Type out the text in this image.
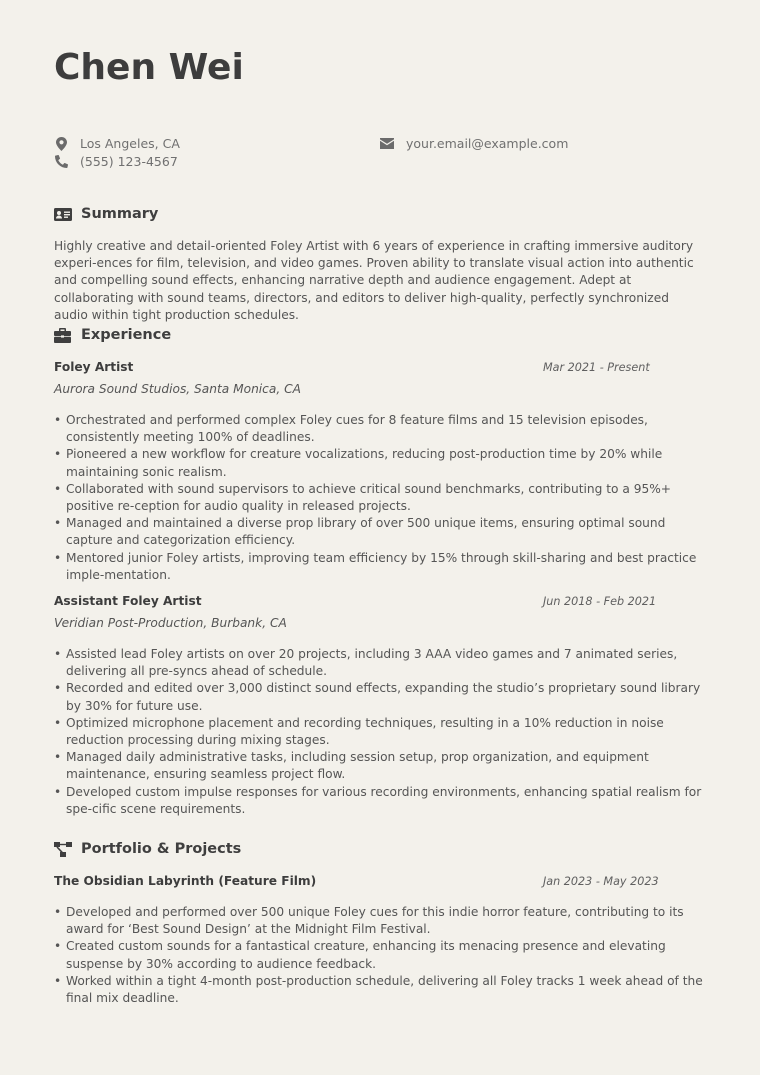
Chen Wei
Los Angeles, CA
(555) 123-4567
your.email@example.com
Summary

Highly creative and detail-oriented Foley Artist with 6 years of experience in crafting immersive auditory experi-ences for film, television, and video games. Proven ability to translate visual action into authentic and compelling sound effects, enhancing narrative depth and audience engagement. Adept at collaborating with sound teams, directors, and editors to deliver high-quality, perfectly synchronized audio within tight production schedules.

Experience
Foley Artist	Mar 2021 - Present
Aurora Sound Studios, Santa Monica, CA
• Orchestrated and performed complex Foley cues for 8 feature films and 15 television episodes, consistently meeting 100% of deadlines.
• Pioneered a new workflow for creature vocalizations, reducing post-production time by 20% while maintaining sonic realism.
• Collaborated with sound supervisors to achieve critical sound benchmarks, contributing to a 95%+ positive re-ception for audio quality in released projects.
• Managed and maintained a diverse prop library of over 500 unique items, ensuring optimal sound capture and categorization efficiency.
• Mentored junior Foley artists, improving team efficiency by 15% through skill-sharing and best practice imple-mentation.
Assistant Foley Artist	Jun 2018 - Feb 2021
Veridian Post-Production, Burbank, CA
• Assisted lead Foley artists on over 20 projects, including 3 AAA video games and 7 animated series, delivering all pre-syncs ahead of schedule.
• Recorded and edited over 3,000 distinct sound effects, expanding the studio’s proprietary sound library by 30% for future use.
• Optimized microphone placement and recording techniques, resulting in a 10% reduction in noise reduction processing during mixing stages.
• Managed daily administrative tasks, including session setup, prop organization, and equipment maintenance, ensuring seamless project flow.
• Developed custom impulse responses for various recording environments, enhancing spatial realism for spe-cific scene requirements.
Portfolio & Projects
The Obsidian Labyrinth (Feature Film)	Jan 2023 - May 2023
• Developed and performed over 500 unique Foley cues for this indie horror feature, contributing to its award for ‘Best Sound Design’ at the Midnight Film Festival.
• Created custom sounds for a fantastical creature, enhancing its menacing presence and elevating suspense by 30% according to audience feedback.
• Worked within a tight 4-month post-production schedule, delivering all Foley tracks 1 week ahead of the final mix deadline.
